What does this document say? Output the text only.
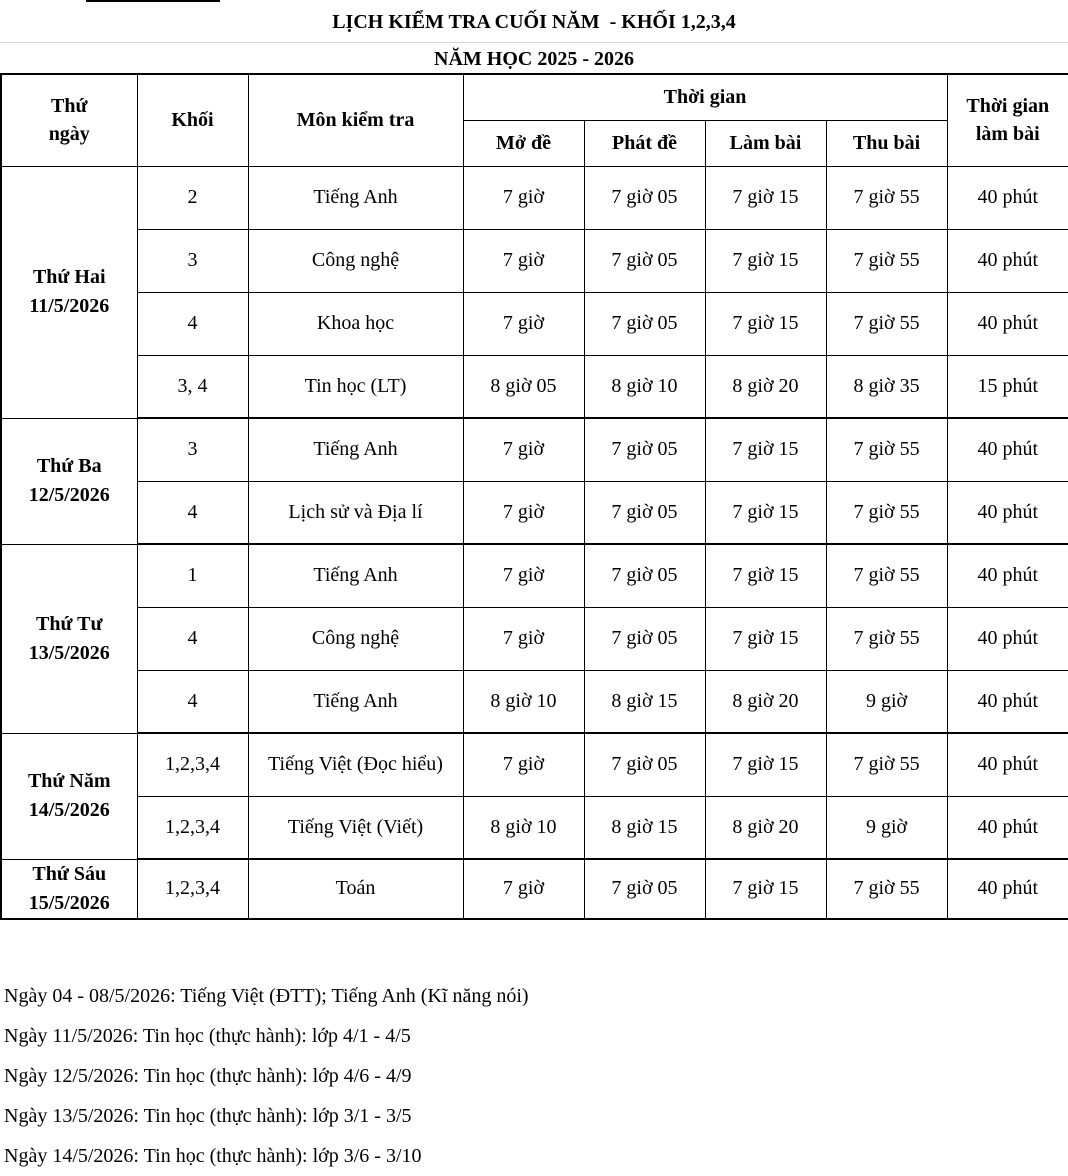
LỊCH KIỂM TRA CUỐI NĂM  - KHỐI 1,2,3,4
NĂM HỌC 2025 - 2026
Thứ
ngày	Khối	Môn kiểm tra	Thời gian				Thời gian
làm bài

			Mở đề	Phát đề	Làm bài	Thu bài	

Thứ Hai
11/5/2026	2	Tiếng Anh	7 giờ	7 giờ 05	7 giờ 15	7 giờ 55	40 phút
	3	Công nghệ	7 giờ	7 giờ 05	7 giờ 15	7 giờ 55	40 phút
	4	Khoa học	7 giờ	7 giờ 05	7 giờ 15	7 giờ 55	40 phút
	3, 4	Tin học (LT)	8 giờ 05	8 giờ 10	8 giờ 20	8 giờ 35	15 phút

Thứ Ba
12/5/2026	3	Tiếng Anh	7 giờ	7 giờ 05	7 giờ 15	7 giờ 55	40 phút
	4	Lịch sử và Địa lí	7 giờ	7 giờ 05	7 giờ 15	7 giờ 55	40 phút

Thứ Tư
13/5/2026	1	Tiếng Anh	7 giờ	7 giờ 05	7 giờ 15	7 giờ 55	40 phút
	4	Công nghệ	7 giờ	7 giờ 05	7 giờ 15	7 giờ 55	40 phút
	4	Tiếng Anh	8 giờ 10	8 giờ 15	8 giờ 20	9 giờ	40 phút

Thứ Năm
14/5/2026	1,2,3,4	Tiếng Việt (Đọc hiểu)	7 giờ	7 giờ 05	7 giờ 15	7 giờ 55	40 phút
	1,2,3,4	Tiếng Việt (Viết)	8 giờ 10	8 giờ 15	8 giờ 20	9 giờ	40 phút

Thứ Sáu
15/5/2026	1,2,3,4	Toán	7 giờ	7 giờ 05	7 giờ 15	7 giờ 55	40 phút
Ngày 04 - 08/5/2026: Tiếng Việt (ĐTT); Tiếng Anh (Kĩ năng nói)
Ngày 11/5/2026: Tin học (thực hành): lớp 4/1 - 4/5
Ngày 12/5/2026: Tin học (thực hành): lớp 4/6 - 4/9
Ngày 13/5/2026: Tin học (thực hành): lớp 3/1 - 3/5
Ngày 14/5/2026: Tin học (thực hành): lớp 3/6 - 3/10
